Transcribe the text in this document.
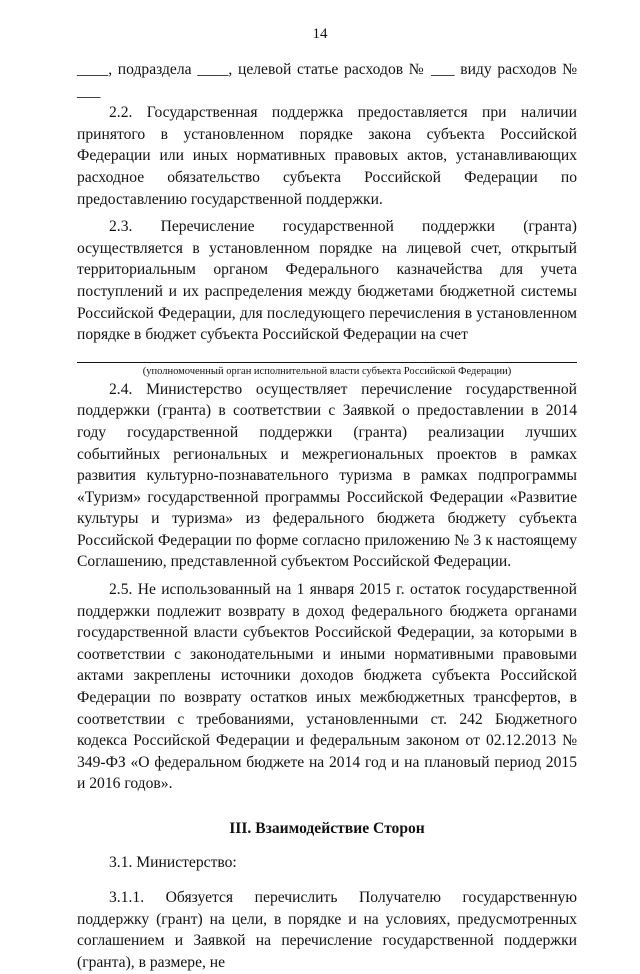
14

____, подраздела ____, целевой статье расходов № ___ виду расходов № ___

2.2. Государственная поддержка предоставляется при наличии принятого в установленном порядке закона субъекта Российской Федерации или иных нормативных правовых актов, устанавливающих расходное обязательство субъекта Российской Федерации по предоставлению государственной поддержки.

2.3. Перечисление государственной поддержки (гранта) осуществляется в установленном порядке на лицевой счет, открытый территориальным органом Федерального казначейства для учета поступлений и их распределения между бюджетами бюджетной системы Российской Федерации, для последующего перечисления в установленном порядке в бюджет субъекта Российской Федерации на счет

(уполномоченный орган исполнительной власти субъекта Российской Федерации)

2.4. Министерство осуществляет перечисление государственной поддержки (гранта) в соответствии с Заявкой о предоставлении в 2014 году государственной поддержки (гранта) реализации лучших событийных региональных и межрегиональных проектов в рамках развития культурно-познавательного туризма в рамках подпрограммы «Туризм» государственной программы Российской Федерации «Развитие культуры и туризма» из федерального бюджета бюджету субъекта Российской Федерации по форме согласно приложению № 3 к настоящему Соглашению, представленной субъектом Российской Федерации.

2.5. Не использованный на 1 января 2015 г. остаток государственной поддержки подлежит возврату в доход федерального бюджета органами государственной власти субъектов Российской Федерации, за которыми в соответствии с законодательными и иными нормативными правовыми актами закреплены источники доходов бюджета субъекта Российской Федерации по возврату остатков иных межбюджетных трансфертов, в соответствии с требованиями, установленными ст. 242 Бюджетного кодекса Российской Федерации и федеральным законом от 02.12.2013 № 349-ФЗ «О федеральном бюджете на 2014 год и на плановый период 2015 и 2016 годов».

III. Взаимодействие Сторон

3.1. Министерство:

3.1.1. Обязуется перечислить Получателю государственную поддержку (грант) на цели, в порядке и на условиях, предусмотренных соглашением и Заявкой на перечисление государственной поддержки (гранта), в размере, не
